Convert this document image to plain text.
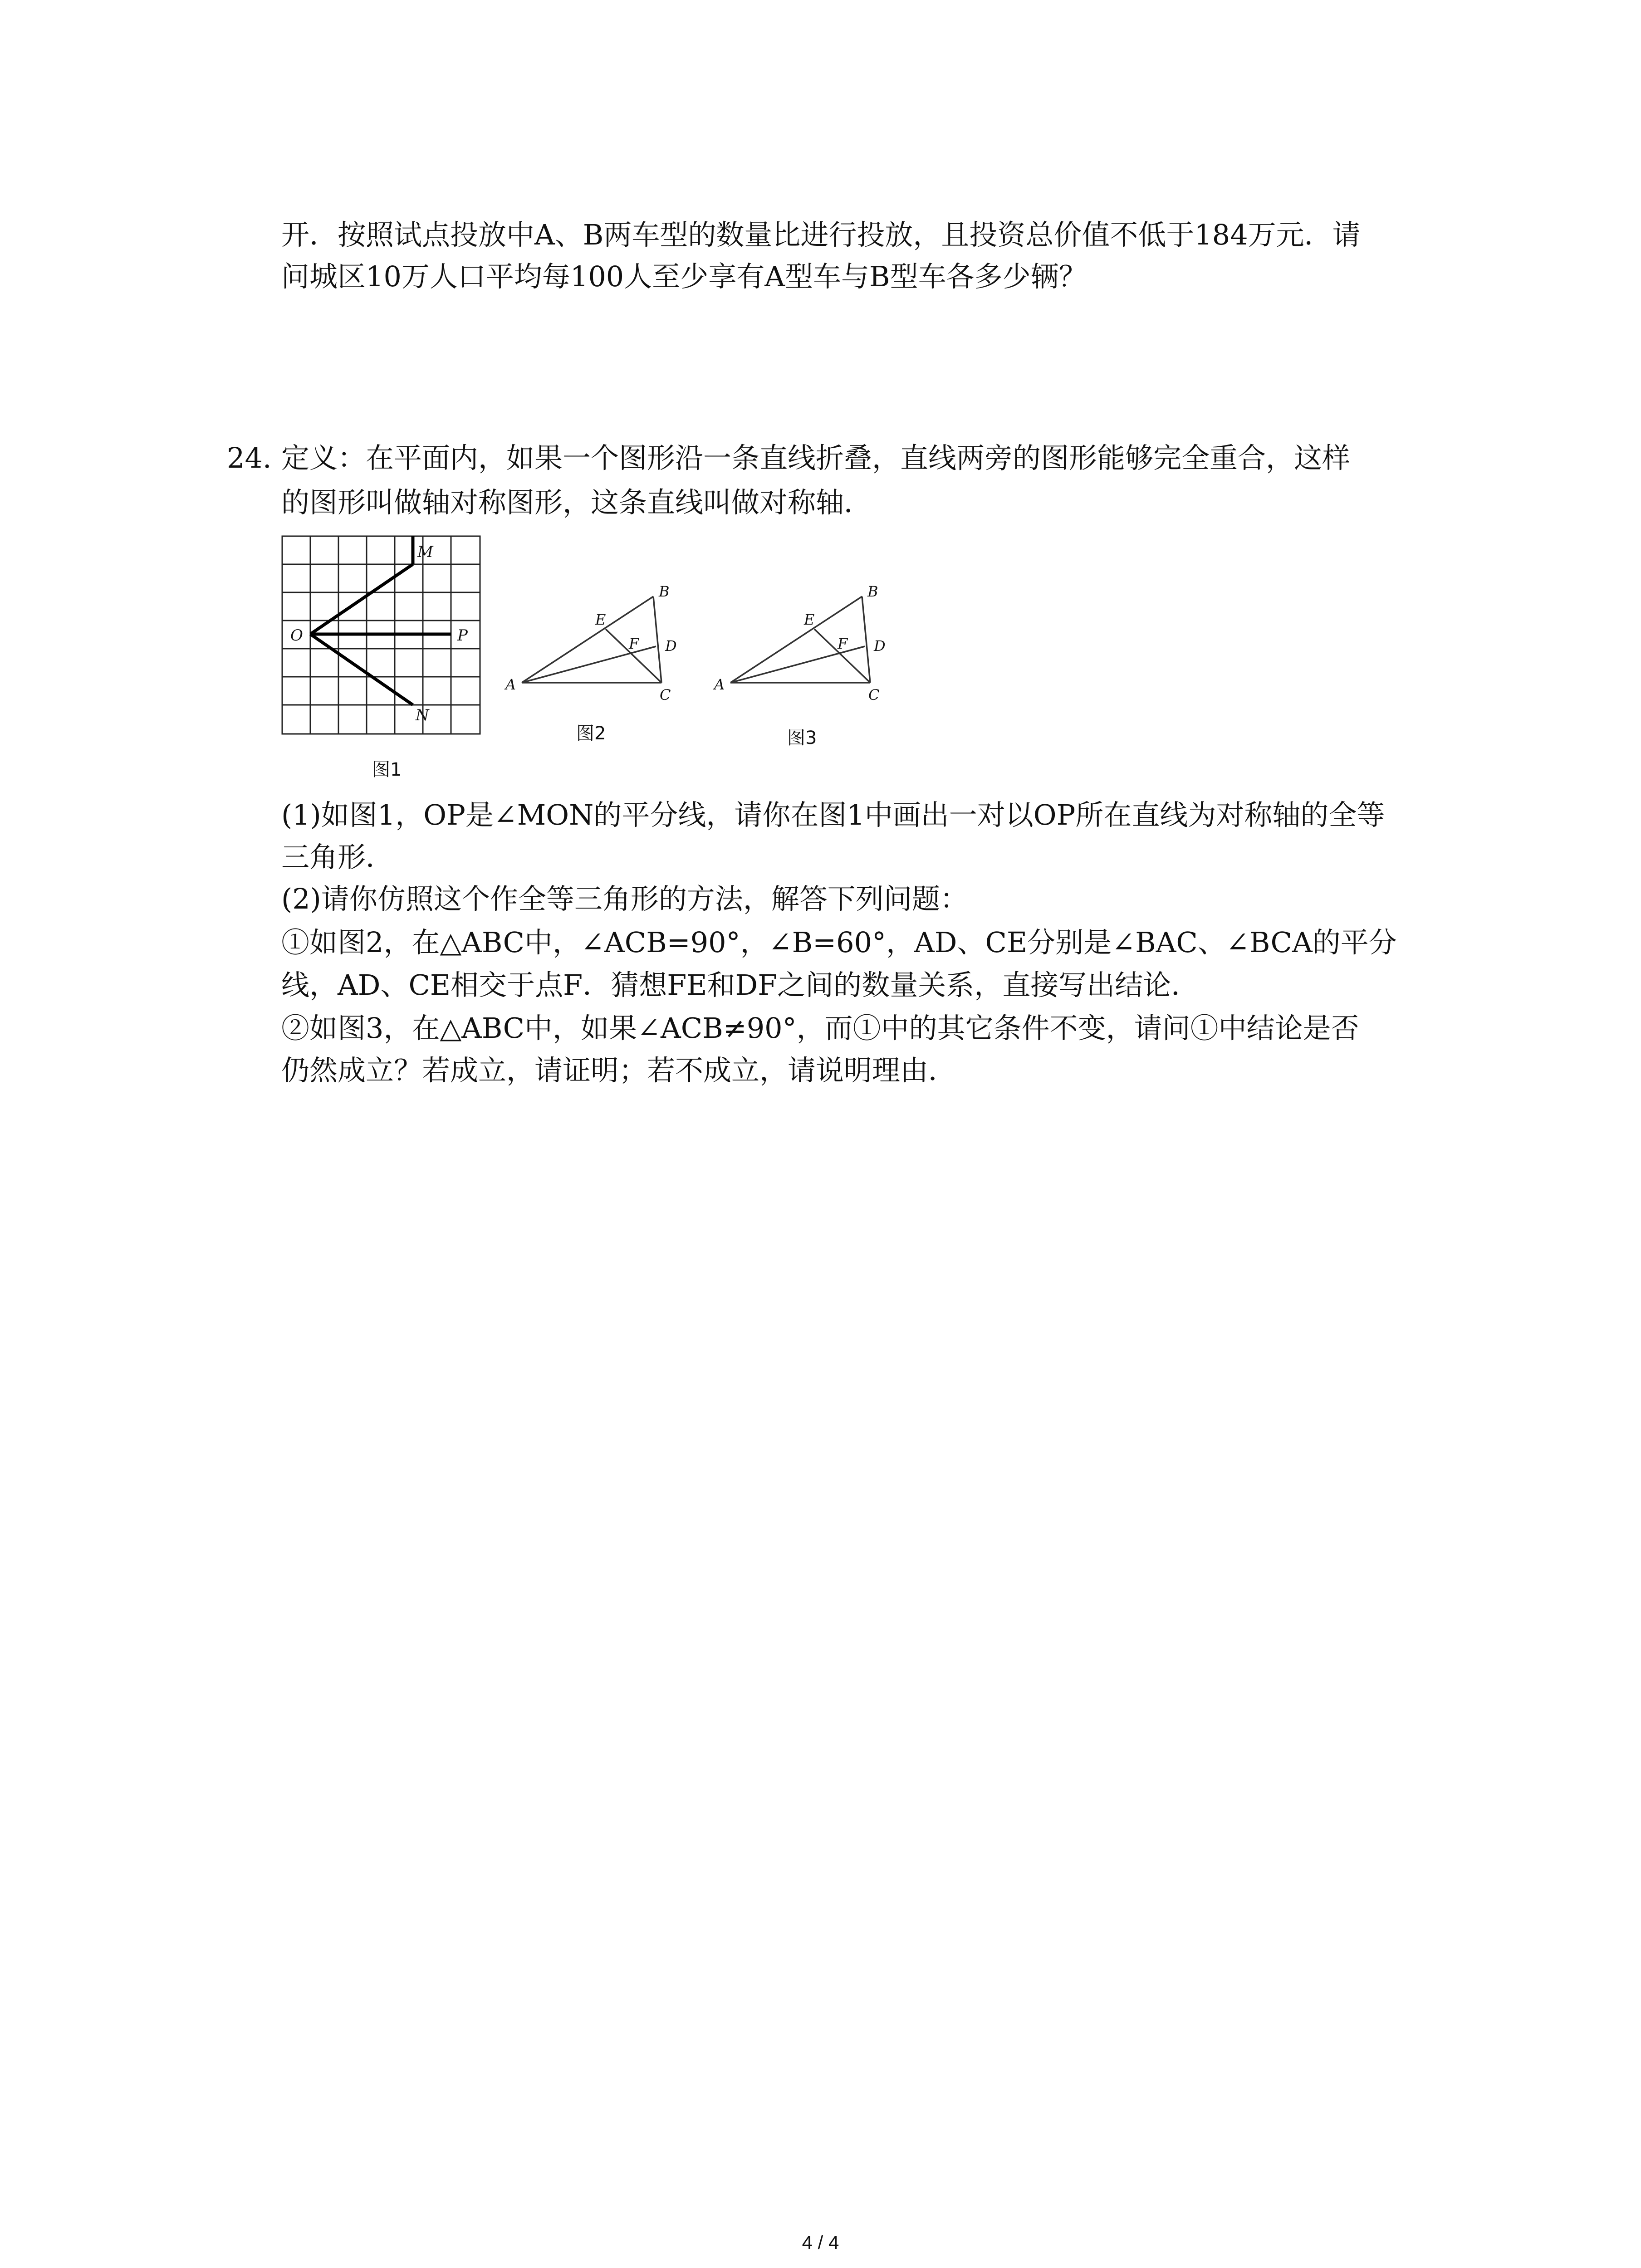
开．按照试点投放中A、B两车型的数量比进行投放，且投资总价值不低于184万元．请
问城区10万人口平均每100人至少享有A型车与B型车各多少辆？
24. 定义：在平面内，如果一个图形沿一条直线折叠，直线两旁的图形能够完全重合，这样
的图形叫做轴对称图形，这条直线叫做对称轴．
M
O	P
N
图1
A
B
C
D
E
F
图2
A
B
C
D
E
F
图3
(1)如图1，OP是∠MON的平分线，请你在图1中画出一对以OP所在直线为对称轴的全等
三角形．
(2)请你仿照这个作全等三角形的方法，解答下列问题：
①如图2，在△ABC中，∠ACB=90°，∠B=60°，AD、CE分别是∠BAC、∠BCA的平分
线，AD、CE相交于点F．猜想FE和DF之间的数量关系，直接写出结论．
②如图3，在△ABC中，如果∠ACB≠90°，而①中的其它条件不变，请问①中结论是否
仍然成立？若成立，请证明；若不成立，请说明理由．
4 / 4
